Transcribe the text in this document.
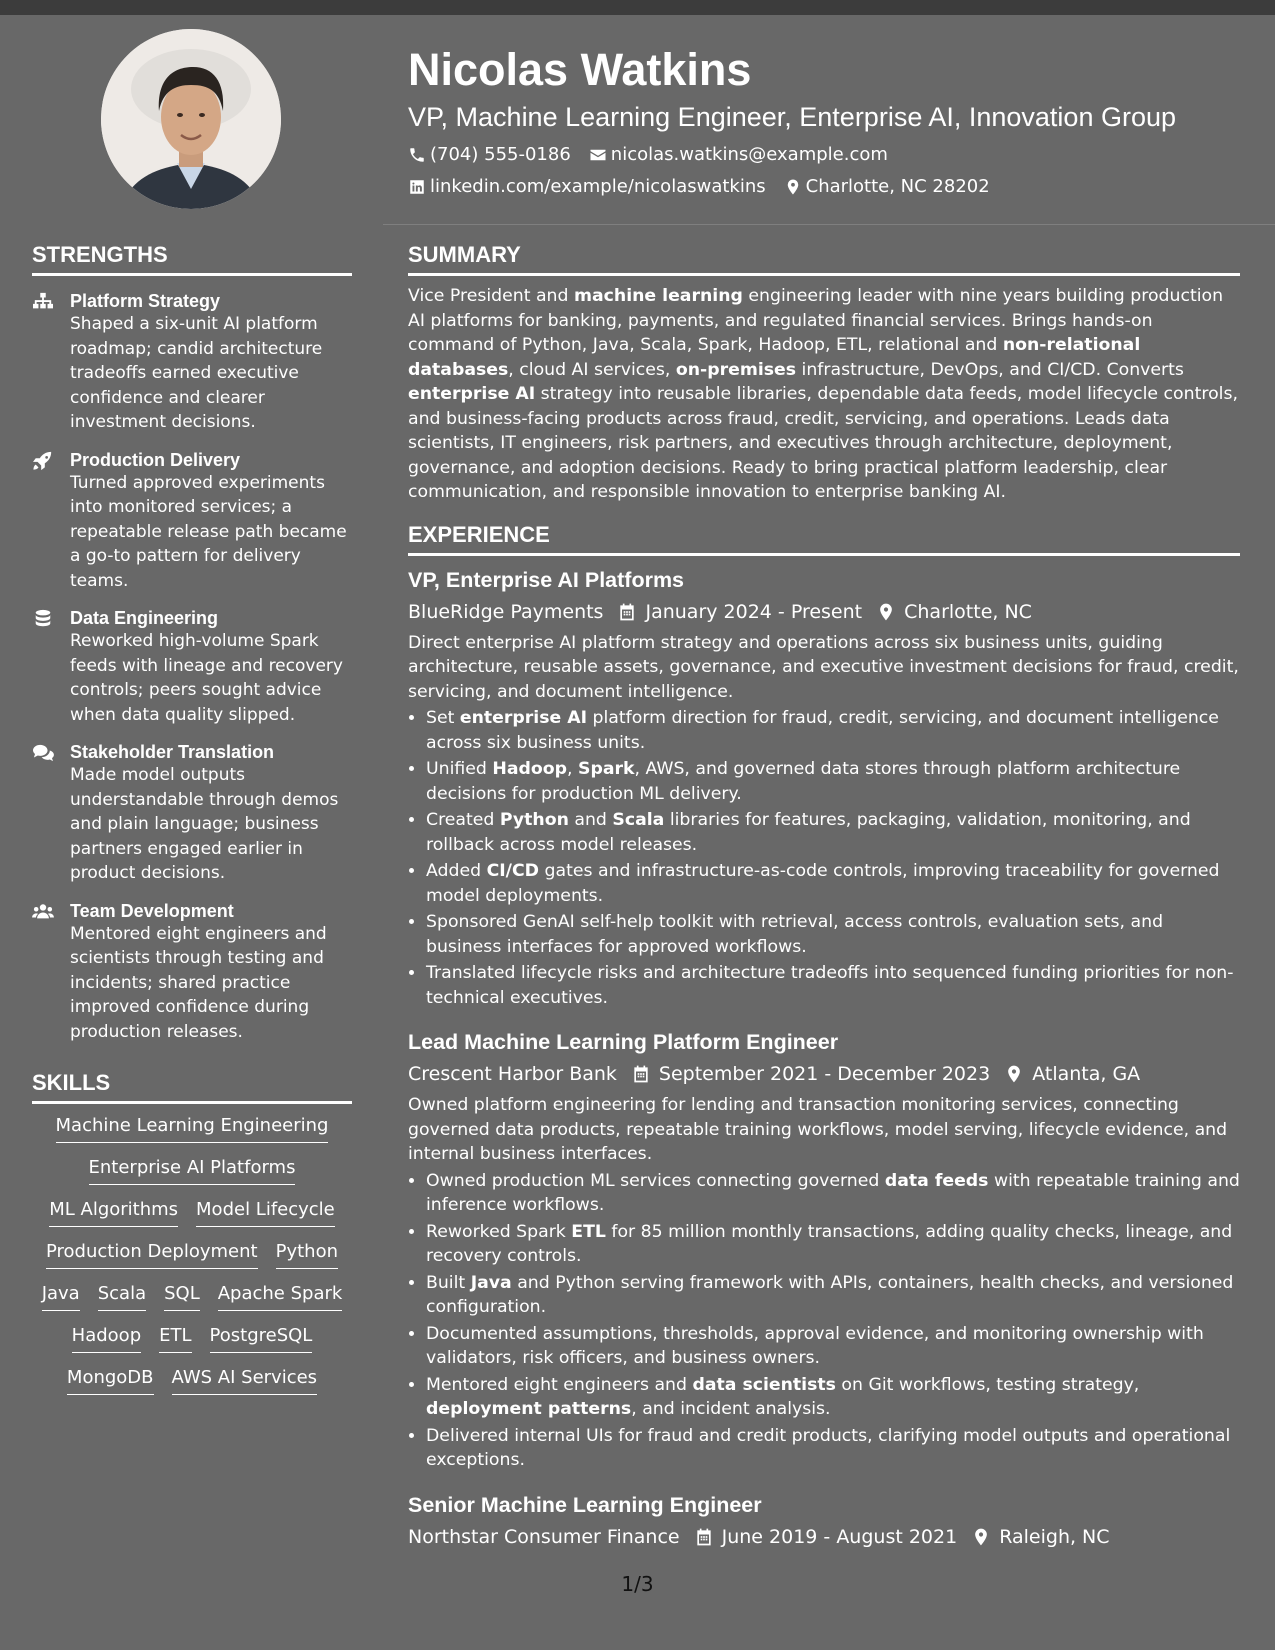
Nicolas Watkins
VP, Machine Learning Engineer, Enterprise AI, Innovation Group
(704) 555-0186 nicolas.watkins@example.com
linkedin.com/example/nicolaswatkins Charlotte, NC 28202
STRENGTHS
Platform Strategy
Shaped a six-unit AI platform roadmap; candid architecture tradeoffs earned executive confidence and clearer investment decisions.
Production Delivery
Turned approved experiments into monitored services; a repeatable release path became a go-to pattern for delivery teams.
Data Engineering
Reworked high-volume Spark feeds with lineage and recovery controls; peers sought advice when data quality slipped.
Stakeholder Translation
Made model outputs understandable through demos and plain language; business partners engaged earlier in product decisions.
Team Development
Mentored eight engineers and scientists through testing and incidents; shared practice improved confidence during production releases.
SKILLS
Machine Learning Engineering
Enterprise AI Platforms
ML Algorithms Model Lifecycle
Production Deployment Python
Java Scala SQL Apache Spark
Hadoop ETL PostgreSQL
MongoDB AWS AI Services
SUMMARY
Vice President and machine learning engineering leader with nine years building production AI platforms for banking, payments, and regulated financial services. Brings hands-on command of Python, Java, Scala, Spark, Hadoop, ETL, relational and non-relational databases, cloud AI services, on-premises infrastructure, DevOps, and CI/CD. Converts enterprise AI strategy into reusable libraries, dependable data feeds, model lifecycle controls, and business-facing products across fraud, credit, servicing, and operations. Leads data scientists, IT engineers, risk partners, and executives through architecture, deployment, governance, and adoption decisions. Ready to bring practical platform leadership, clear communication, and responsible innovation to enterprise banking AI.
EXPERIENCE
VP, Enterprise AI Platforms
BlueRidge Payments January 2024 - Present Charlotte, NC
Direct enterprise AI platform strategy and operations across six business units, guiding architecture, reusable assets, governance, and executive investment decisions for fraud, credit, servicing, and document intelligence.
• Set enterprise AI platform direction for fraud, credit, servicing, and document intelligence across six business units.
• Unified Hadoop, Spark, AWS, and governed data stores through platform architecture decisions for production ML delivery.
• Created Python and Scala libraries for features, packaging, validation, monitoring, and rollback across model releases.
• Added CI/CD gates and infrastructure-as-code controls, improving traceability for governed model deployments.
• Sponsored GenAI self-help toolkit with retrieval, access controls, evaluation sets, and business interfaces for approved workflows.
• Translated lifecycle risks and architecture tradeoffs into sequenced funding priorities for non-technical executives.
Lead Machine Learning Platform Engineer
Crescent Harbor Bank September 2021 - December 2023 Atlanta, GA
Owned platform engineering for lending and transaction monitoring services, connecting governed data products, repeatable training workflows, model serving, lifecycle evidence, and internal business interfaces.
• Owned production ML services connecting governed data feeds with repeatable training and inference workflows.
• Reworked Spark ETL for 85 million monthly transactions, adding quality checks, lineage, and recovery controls.
• Built Java and Python serving framework with APIs, containers, health checks, and versioned configuration.
• Documented assumptions, thresholds, approval evidence, and monitoring ownership with validators, risk officers, and business owners.
• Mentored eight engineers and data scientists on Git workflows, testing strategy, deployment patterns, and incident analysis.
• Delivered internal UIs for fraud and credit products, clarifying model outputs and operational exceptions.
Senior Machine Learning Engineer
Northstar Consumer Finance June 2019 - August 2021 Raleigh, NC
1/3
